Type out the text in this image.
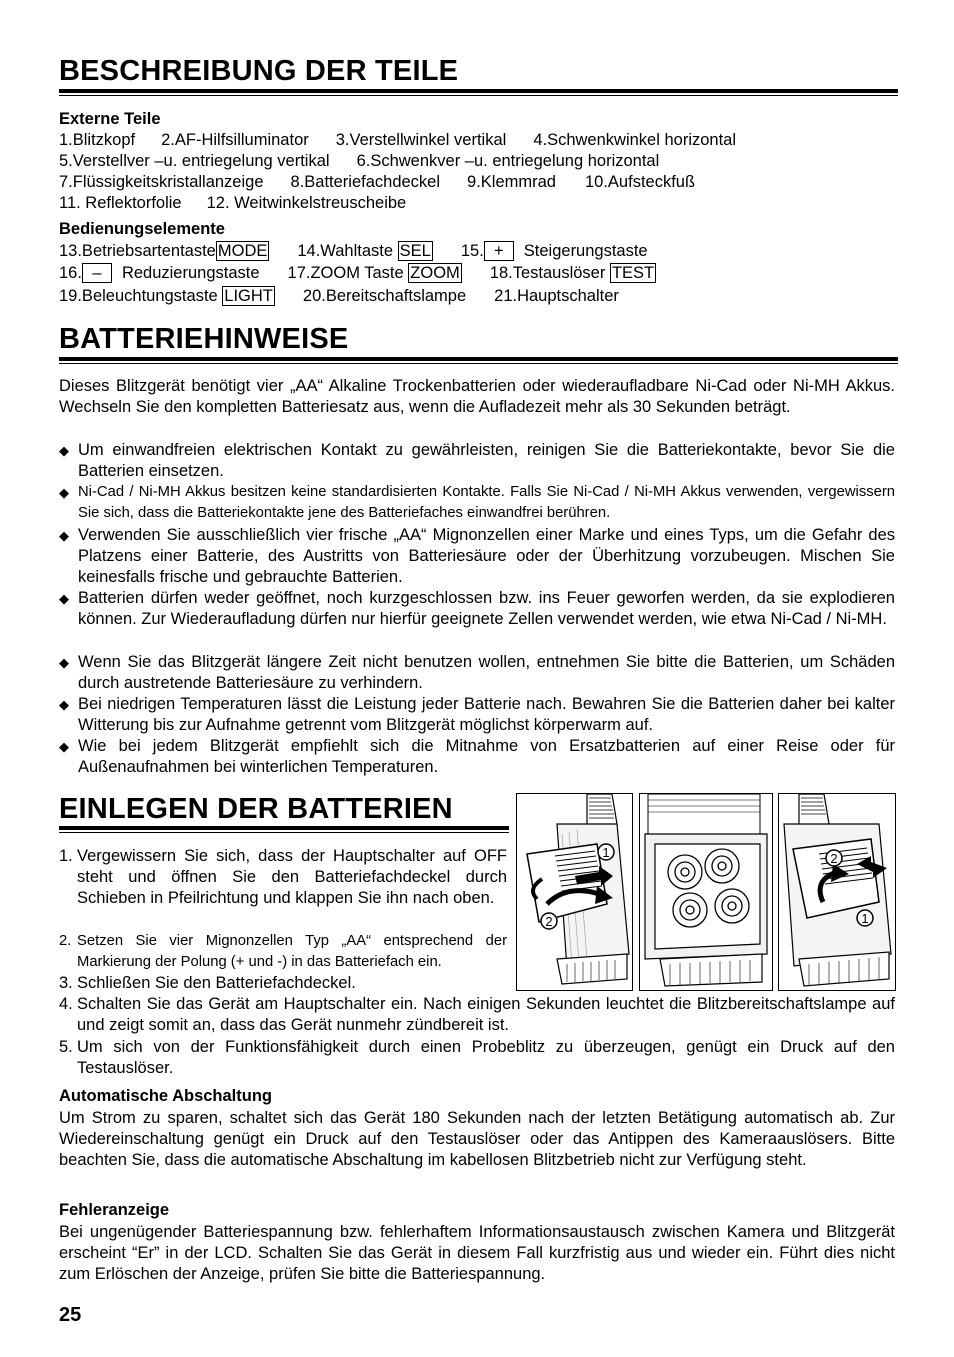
BESCHREIBUNG DER TEILE
Externe Teile
1.Blitzkopf 2.AF-Hilfsilluminator 3.Verstellwinkel vertikal 4.Schwenkwinkel horizontal
5.Verstellver –u. entriegelung vertikal 6.Schwenkver –u. entriegelung horizontal
7.Flüssigkeitskristallanzeige 8.Batteriefachdeckel 9.Klemmrad 10.Aufsteckfuß
11. Reflektorfolie 12. Weitwinkelstreuscheibe
Bedienungselemente
13.Betriebsartentaste MODE 14.Wahltaste SEL 15. + Steigerungstaste
16. – Reduzierungstaste 17.ZOOM Taste ZOOM 18.Testauslöser TEST
19.Beleuchtungstaste LIGHT 20.Bereitschaftslampe 21.Hauptschalter
BATTERIEHINWEISE
Dieses Blitzgerät benötigt vier „AA“ Alkaline Trockenbatterien oder wiederaufladbare Ni-Cad oder Ni-MH Akkus. Wechseln Sie den kompletten Batteriesatz aus, wenn die Aufladezeit mehr als 30 Sekunden beträgt.
◆ Um einwandfreien elektrischen Kontakt zu gewährleisten, reinigen Sie die Batteriekontakte, bevor Sie die Batterien einsetzen.
◆ Ni-Cad / Ni-MH Akkus besitzen keine standardisierten Kontakte. Falls Sie Ni-Cad / Ni-MH Akkus verwenden, vergewissern Sie sich, dass die Batteriekontakte jene des Batteriefaches einwandfrei berühren.
◆ Verwenden Sie ausschließlich vier frische „AA“ Mignonzellen einer Marke und eines Typs, um die Gefahr des Platzens einer Batterie, des Austritts von Batteriesäure oder der Überhitzung vorzubeugen. Mischen Sie keinesfalls frische und gebrauchte Batterien.
◆ Batterien dürfen weder geöffnet, noch kurzgeschlossen bzw. ins Feuer geworfen werden, da sie explodieren können. Zur Wiederaufladung dürfen nur hierfür geeignete Zellen verwendet werden, wie etwa Ni-Cad / Ni-MH.
◆ Wenn Sie das Blitzgerät längere Zeit nicht benutzen wollen, entnehmen Sie bitte die Batterien, um Schäden durch austretende Batteriesäure zu verhindern.
◆ Bei niedrigen Temperaturen lässt die Leistung jeder Batterie nach. Bewahren Sie die Batterien daher bei kalter Witterung bis zur Aufnahme getrennt vom Blitzgerät möglichst körperwarm auf.
◆ Wie bei jedem Blitzgerät empfiehlt sich die Mitnahme von Ersatzbatterien auf einer Reise oder für Außenaufnahmen bei winterlichen Temperaturen.
EINLEGEN DER BATTERIEN
1
2
2
1
1. Vergewissern Sie sich, dass der Hauptschalter auf OFF steht und öffnen Sie den Batteriefachdeckel durch Schieben in Pfeilrichtung und klappen Sie ihn nach oben.
2. Setzen Sie vier Mignonzellen Typ „AA“ entsprechend der Markierung der Polung (+ und -) in das Batteriefach ein.
3. Schließen Sie den Batteriefachdeckel.
4. Schalten Sie das Gerät am Hauptschalter ein. Nach einigen Sekunden leuchtet die Blitzbereitschaftslampe auf und zeigt somit an, dass das Gerät nunmehr zündbereit ist.
5. Um sich von der Funktionsfähigkeit durch einen Probeblitz zu überzeugen, genügt ein Druck auf den Testauslöser.
Automatische Abschaltung
Um Strom zu sparen, schaltet sich das Gerät 180 Sekunden nach der letzten Betätigung automatisch ab. Zur Wiedereinschaltung genügt ein Druck auf den Testauslöser oder das Antippen des Kameraauslösers. Bitte beachten Sie, dass die automatische Abschaltung im kabellosen Blitzbetrieb nicht zur Verfügung steht.
Fehleranzeige
Bei ungenügender Batteriespannung bzw. fehlerhaftem Informationsaustausch zwischen Kamera und Blitzgerät erscheint “Er” in der LCD. Schalten Sie das Gerät in diesem Fall kurzfristig aus und wieder ein. Führt dies nicht zum Erlöschen der Anzeige, prüfen Sie bitte die Batteriespannung.
25
